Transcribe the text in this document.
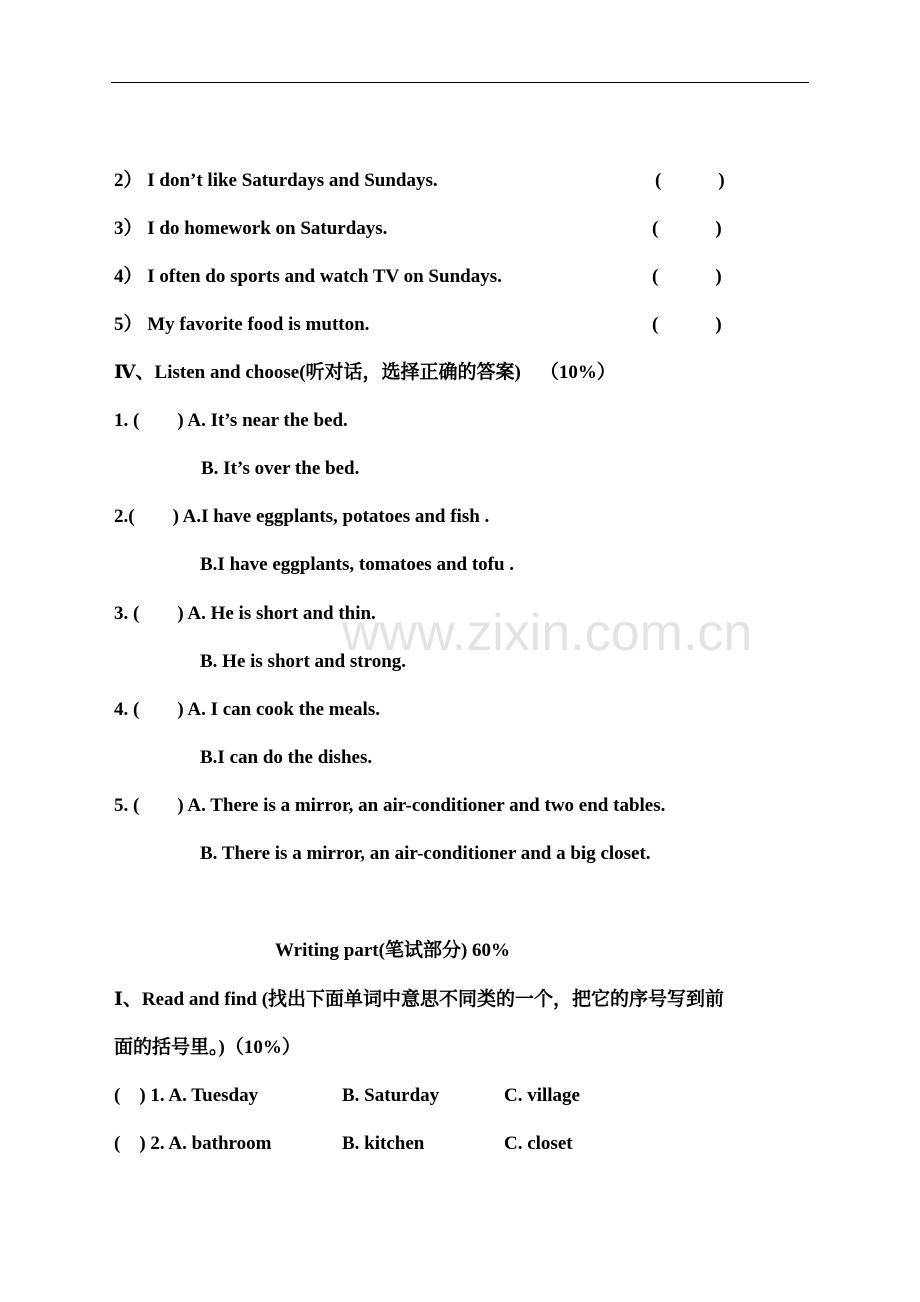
2） I don’t like Saturdays and Sundays.	(            )
3） I do homework on Saturdays.	(            )
4） I often do sports and watch TV on Sundays.	(            )
5） My favorite food is mutton.	(            )
Ⅳ、Listen and choose(听对话，选择正确的答案)    （10%）
1. (        ) A. It’s near the bed.
B. It’s over the bed.
2.(        ) A.I have eggplants, potatoes and fish .
B.I have eggplants, tomatoes and tofu .
3. (        ) A. He is short and thin.
B. He is short and strong.
4. (        ) A. I can cook the meals.
B.I can do the dishes.
5. (        ) A. There is a mirror, an air-conditioner and two end tables.
B. There is a mirror, an air-conditioner and a big closet.
Writing part(笔试部分) 60%
Ⅰ、Read and find (找出下面单词中意思不同类的一个，把它的序号写到前
面的括号里。)（10%）
(    ) 1. A. Tuesday	B. Saturday	C. village
(    ) 2. A. bathroom	B. kitchen	C. closet
www.zixin.com.cn
